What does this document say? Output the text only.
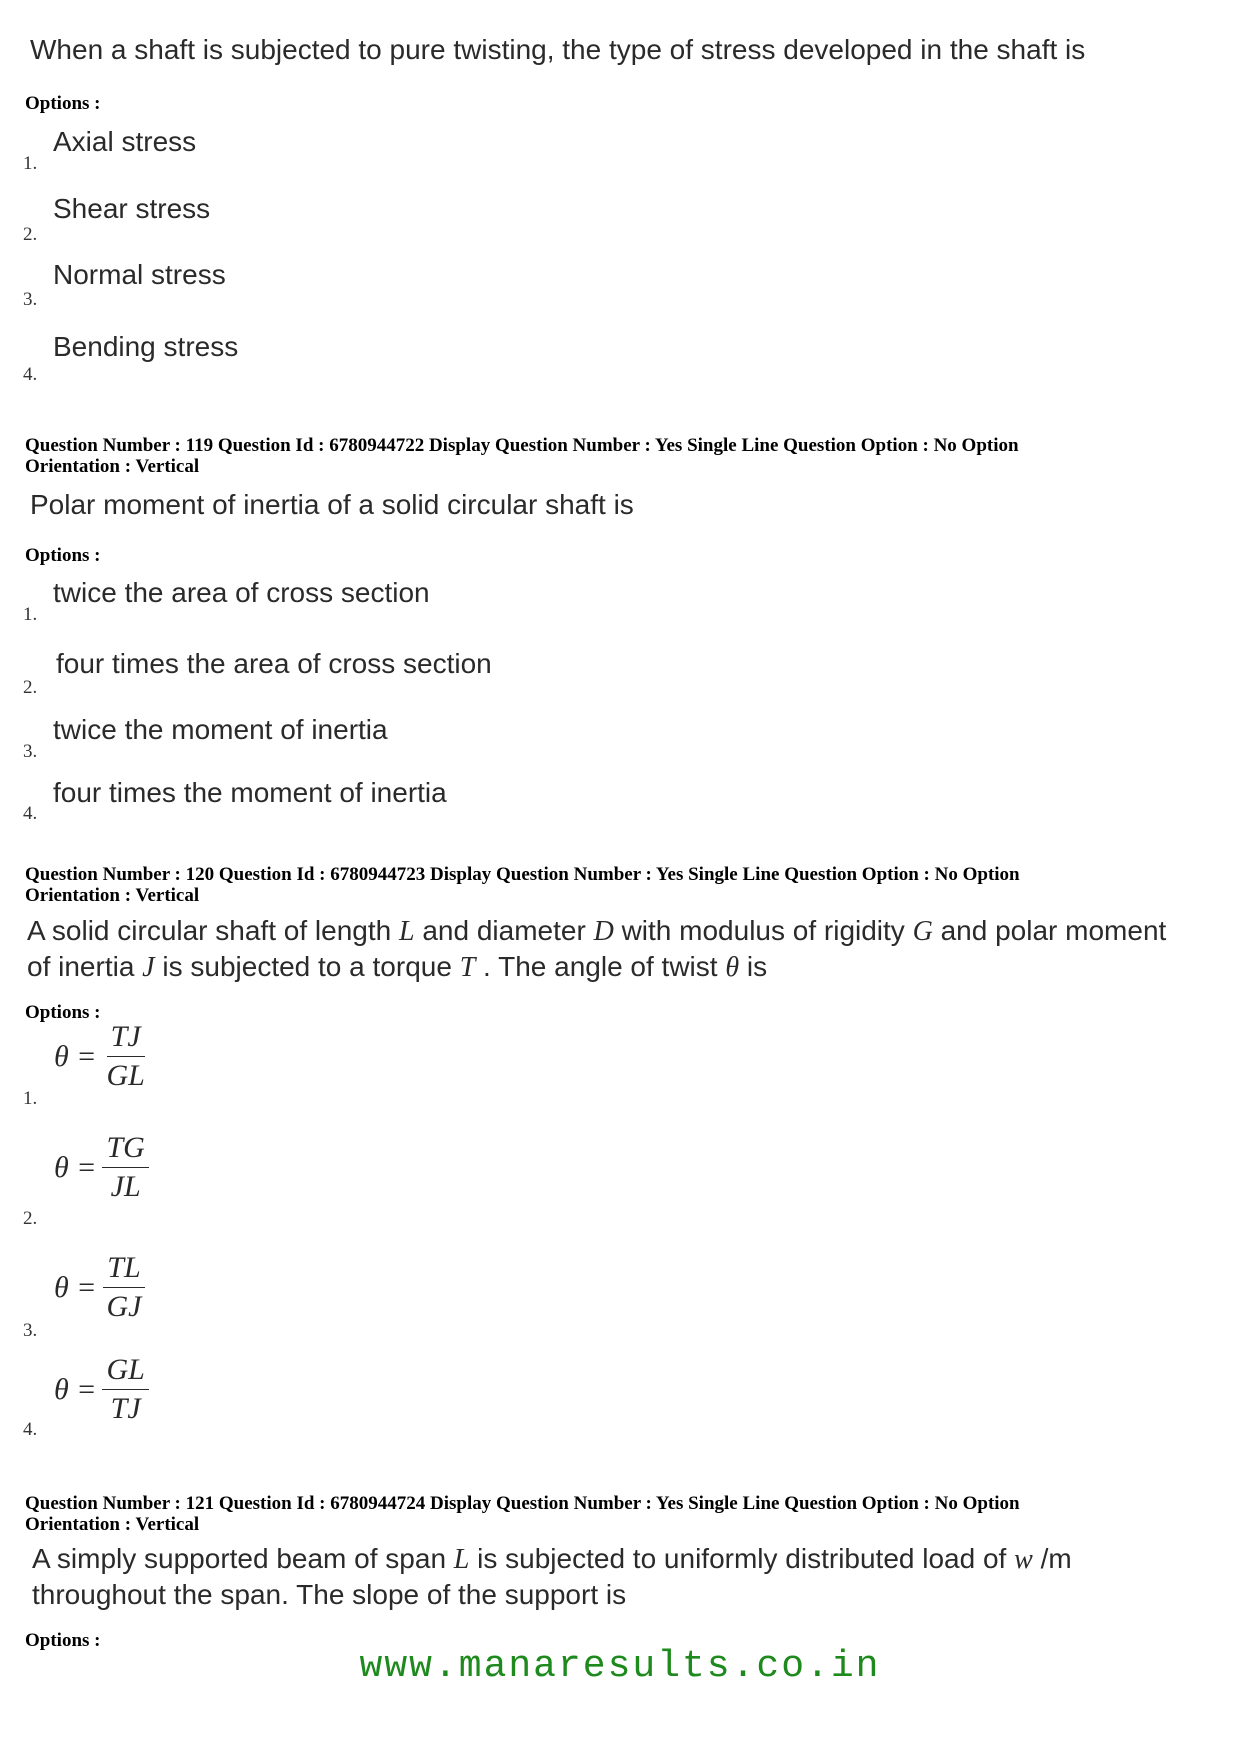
When a shaft is subjected to pure twisting, the type of stress developed in the shaft is
Options :
Axial stress
1.
Shear stress
2.
Normal stress
3.
Bending stress
4.
Question Number : 119 Question Id : 6780944722 Display Question Number : Yes Single Line Question Option : No Option
Orientation : Vertical
Polar moment of inertia of a solid circular shaft is
Options :
twice the area of cross section
1.
four times the area of cross section
2.
twice the moment of inertia
3.
four times the moment of inertia
4.
Question Number : 120 Question Id : 6780944723 Display Question Number : Yes Single Line Question Option : No Option
Orientation : Vertical
A solid circular shaft of length L and diameter D with modulus of rigidity G and polar moment
of inertia J is subjected to a torque T . The angle of twist θ is
Options :
$\theta = \frac{TJ}{GL}$
1.
$\theta = \frac{TG}{JL}$
2.
$\theta = \frac{TL}{GJ}$
3.
$\theta = \frac{GL}{TJ}$
4.
Question Number : 121 Question Id : 6780944724 Display Question Number : Yes Single Line Question Option : No Option
Orientation : Vertical
A simply supported beam of span L is subjected to uniformly distributed load of w /m
throughout the span. The slope of the support is
Options :
www.manaresults.co.in
